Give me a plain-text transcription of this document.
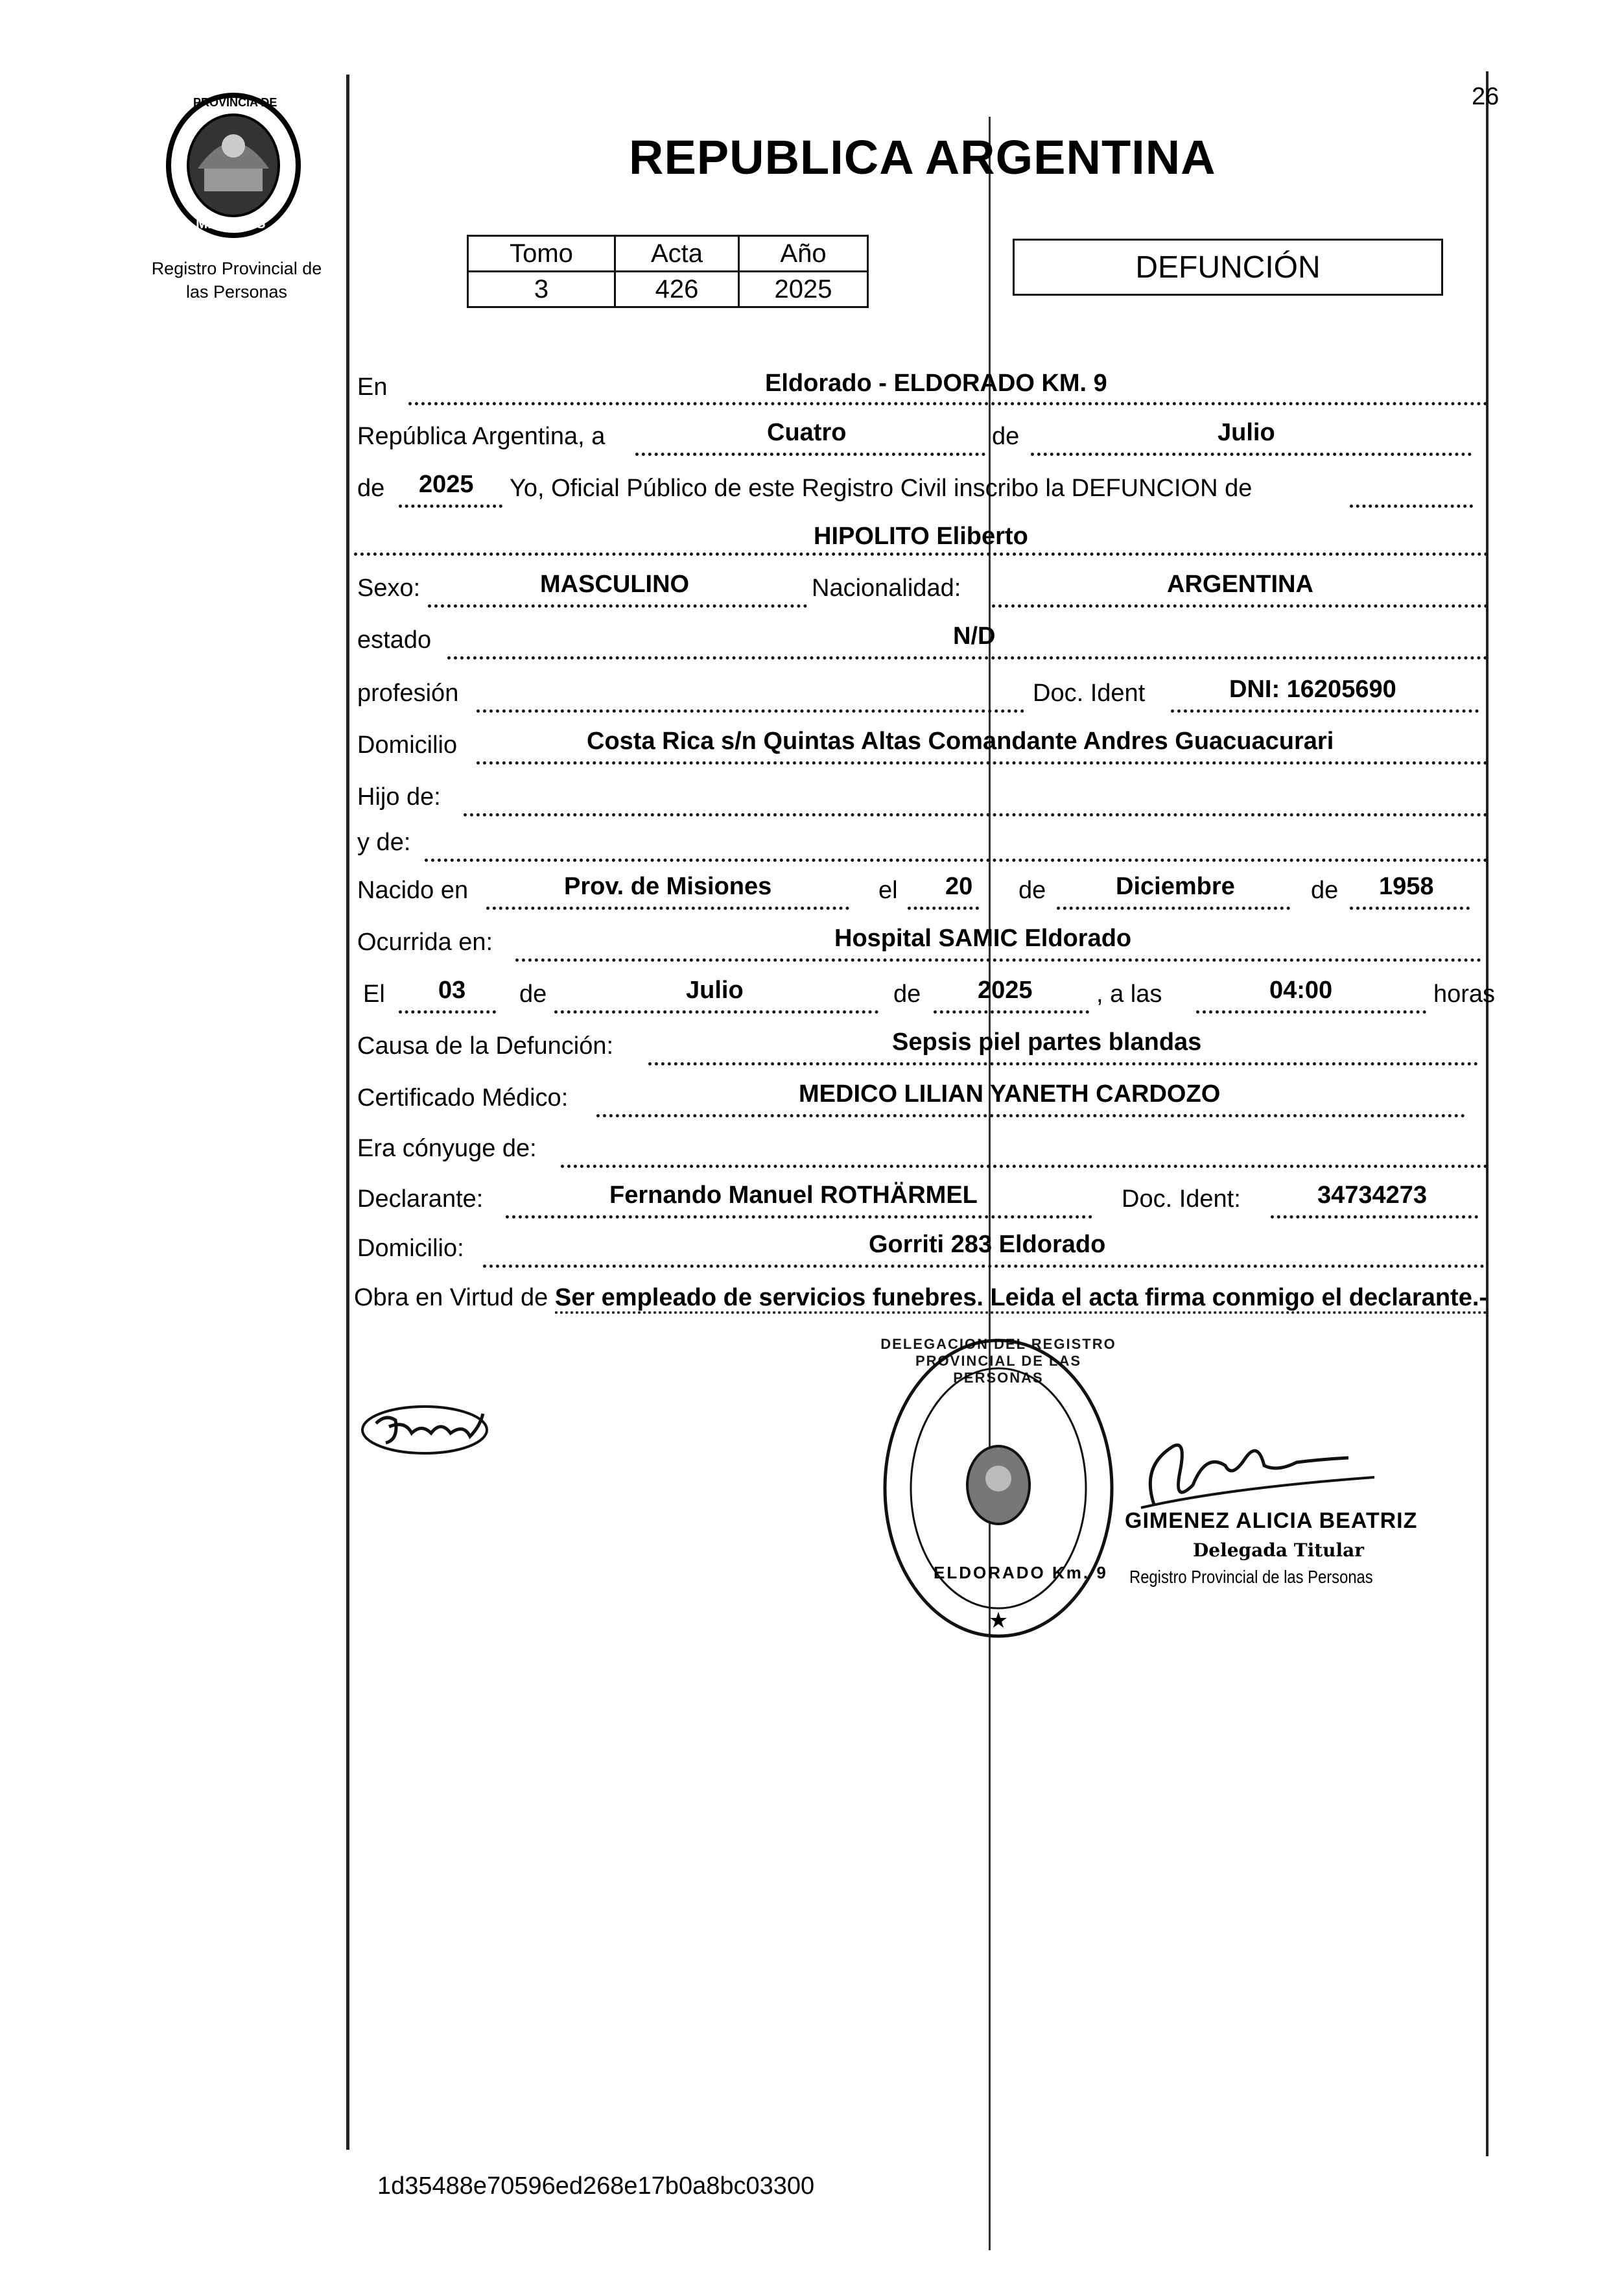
PROVINCIA DE
MISIONES
Registro Provincial de
las Personas
26
REPUBLICA ARGENTINA
Tomo	Acta	Año
3	426	2025
DEFUNCIÓN
En	Eldorado - ELDORADO KM. 9
República Argentina, a	Cuatro	de	Julio
de 2025 Yo, Oficial Público de este Registro Civil inscribo la DEFUNCION de
HIPOLITO Eliberto
Sexo:	MASCULINO	Nacionalidad:	ARGENTINA
estado	N/D
profesión	Doc. Ident	DNI: 16205690
Domicilio	Costa Rica s/n Quintas Altas Comandante Andres Guacuacurari
Hijo de:
y de:
Nacido en	Prov. de Misiones	el 20 de	Diciembre	de 1958
Ocurrida en:	Hospital SAMIC Eldorado
El 03 de	Julio	de 2025	, a las	04:00	horas
Causa de la Defunción:	Sepsis piel partes blandas
Certificado Médico:	MEDICO LILIAN YANETH CARDOZO
Era cónyuge de:
Declarante:	Fernando Manuel ROTHÄRMEL	Doc. Ident:	34734273
Domicilio:	Gorriti 283 Eldorado
Obra en Virtud de Ser empleado de servicios funebres. Leida el acta firma conmigo el declarante.-
★
DELEGACION DEL REGISTRO PROVINCIAL DE LAS PERSONAS
ELDORADO Km. 9
GIMENEZ ALICIA BEATRIZ
Delegada Titular
Registro Provincial de las Personas
1d35488e70596ed268e17b0a8bc03300
